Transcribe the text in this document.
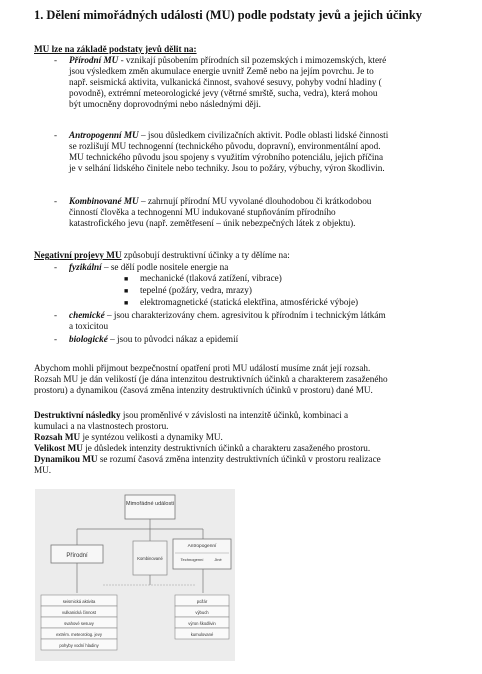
1. Dělení mimořádných události (MU) podle podstaty jevů a jejich účinky
MU lze na základě podstaty jevů dělit na:
- Přírodní MU - vznikají působením přírodních sil pozemských i mimozemských, které
jsou výsledkem změn akumulace energie uvnitř Země nebo na jejím povrchu. Je to
např. seismická aktivita, vulkanická činnost, svahové sesuvy, pohyby vodní hladiny (
povodně), extrémní meteorologické jevy (větrné smrště, sucha, vedra), která mohou
být umocněny doprovodnými nebo následnými ději.
- Antropogenní MU – jsou důsledkem civilizačních aktivit. Podle oblasti lidské činnosti
se rozlišují MU technogenní (technického původu, dopravní), environmentální apod.
MU technického původu jsou spojeny s využitím výrobního potenciálu, jejich příčina
je v selhání lidského činitele nebo techniky. Jsou to požáry, výbuchy, výron škodlivin.
- Kombinované MU – zahrnují přírodní MU vyvolané dlouhodobou či krátkodobou
činností člověka a technogenní MU indukované stupňováním přírodního
katastrofického jevu (např. zemětřesení – únik nebezpečných látek z objektu).
Negativní projevy MU způsobují destruktivní účinky a ty dělíme na:
- fyzikální – se dělí podle nositele energie na
■ mechanické (tlaková zatížení, vibrace)
■ tepelné (požáry, vedra, mrazy)
■ elektromagnetické (statická elektřina, atmosférické výboje)
- chemické – jsou charakterizovány chem. agresivitou k přírodním i technickým látkám
a toxicitou
- biologické – jsou to původci nákaz a epidemií
Abychom mohli přijmout bezpečnostní opatření proti MU událostí musíme znát její rozsah.
Rozsah MU je dán velikostí (je dána intenzitou destruktivních účinků a charakterem zasaženého
prostoru) a dynamikou (časová změna intenzity destruktivních účinků v prostoru) dané MU.
Destruktivní následky jsou proměnlivé v závislosti na intenzitě účinků, kombinaci a
kumulaci a na vlastnostech prostoru.
Rozsah MU je syntézou velikosti a dynamiky MU.
Velikost MU je důsledek intenzity destruktivních účinků a charakteru zasaženého prostoru.
Dynamikou MU se rozumí časová změna intenzity destruktivních účinků v prostoru realizace
MU.
Mimořádné události
Přírodní	Kombinované
Antropogenní
Technogenní	Jiné
seismická aktivita
vulkanická činnost
svahové sesuvy
extrém. meteorolog. jevy
pohyby vodní hladiny
požár
výbuch
výron škodlivin
kumulované
